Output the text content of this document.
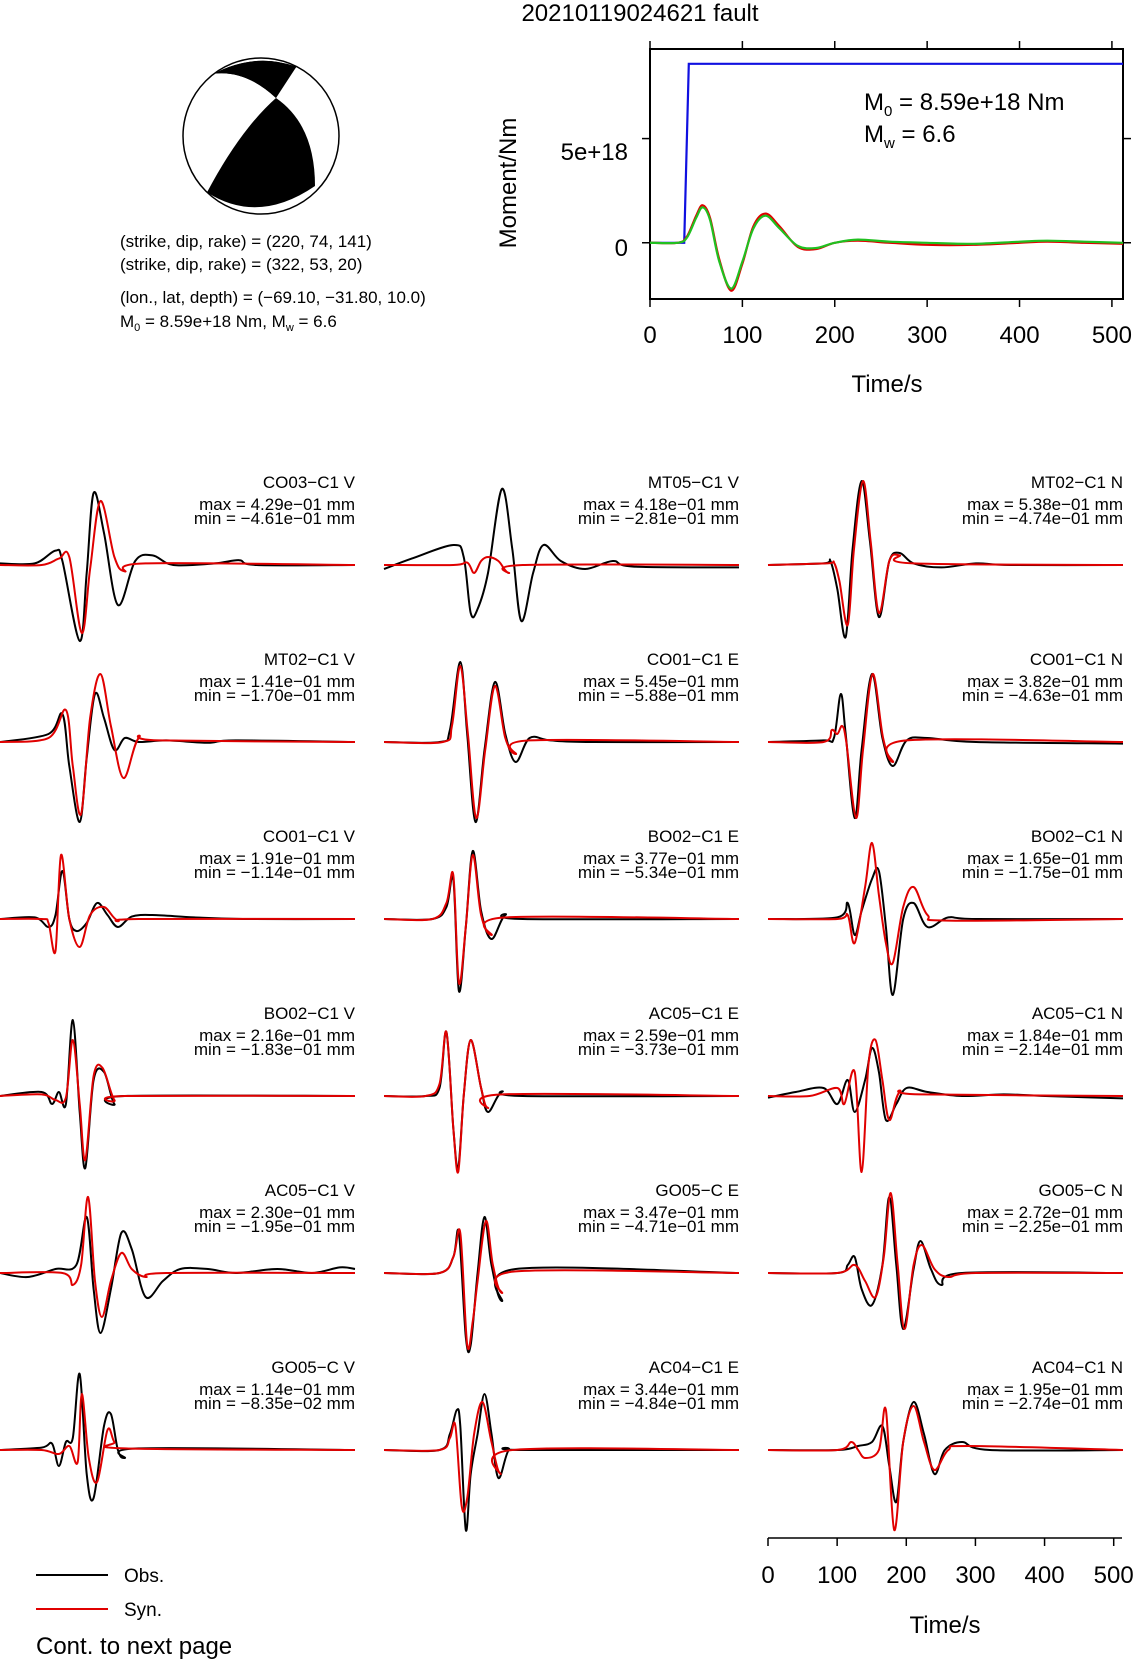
20210119024621 fault
(strike, dip, rake) = (220, 74, 141)
(strike, dip, rake) = (322, 53, 20)
(lon., lat, depth) = (−69.10, −31.80, 10.0)
$M_0 = 8.59e+18$ Nm, $M_w = 6.6$
5e+18
0
Moment/Nm
0	100 200 300 400 500
Time/s
$M_0 = 8.59e+18$ Nm
$M_w = 6.6$
CO03−C1 V
max = 4.29e−01 mm
min = −4.61e−01 mm
MT05−C1 V
max = 4.18e−01 mm
min = −2.81e−01 mm
MT02−C1 N
max = 5.38e−01 mm
min = −4.74e−01 mm
MT02−C1 V
max = 1.41e−01 mm
min = −1.70e−01 mm
CO01−C1 E
max = 5.45e−01 mm
min = −5.88e−01 mm
CO01−C1 N
max = 3.82e−01 mm
min = −4.63e−01 mm
CO01−C1 V
max = 1.91e−01 mm
min = −1.14e−01 mm
BO02−C1 E
max = 3.77e−01 mm
min = −5.34e−01 mm
BO02−C1 N
max = 1.65e−01 mm
min = −1.75e−01 mm
BO02−C1 V
max = 2.16e−01 mm
min = −1.83e−01 mm
AC05−C1 E
max = 2.59e−01 mm
min = −3.73e−01 mm
AC05−C1 N
max = 1.84e−01 mm
min = −2.14e−01 mm
AC05−C1 V
max = 2.30e−01 mm
min = −1.95e−01 mm
GO05−C E
max = 3.47e−01 mm
min = −4.71e−01 mm
GO05−C N
max = 2.72e−01 mm
min = −2.25e−01 mm
GO05−C V
max = 1.14e−01 mm
min = −8.35e−02 mm
AC04−C1 E
max = 3.44e−01 mm
min = −4.84e−01 mm
AC04−C1 N
max = 1.95e−01 mm
min = −2.74e−01 mm
0 100 200 300 400 500
Time/s
Obs.
Syn.
Cont. to next page
